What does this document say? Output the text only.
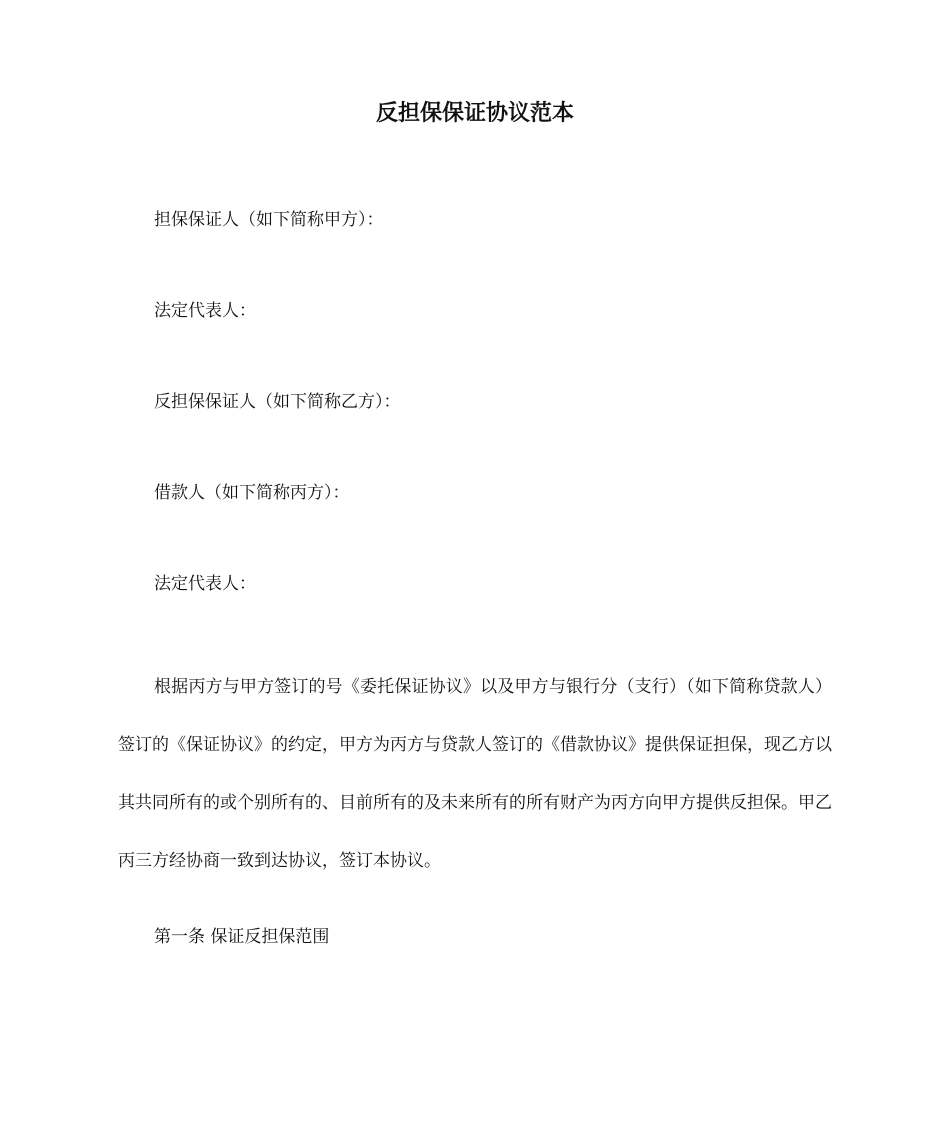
反担保保证协议范本
担保保证人（如下简称甲方）：
法定代表人：
反担保保证人（如下简称乙方）：
借款人（如下简称丙方）：
法定代表人：

根据丙方与甲方签订的号《委托保证协议》以及甲方与银行分（支行）（如下简称贷款人）签订的《保证协议》的约定，甲方为丙方与贷款人签订的《借款协议》提供保证担保，现乙方以其共同所有的或个别所有的、目前所有的及未来所有的所有财产为丙方向甲方提供反担保。甲乙丙三方经协商一致到达协议，签订本协议。

第一条 保证反担保范围
